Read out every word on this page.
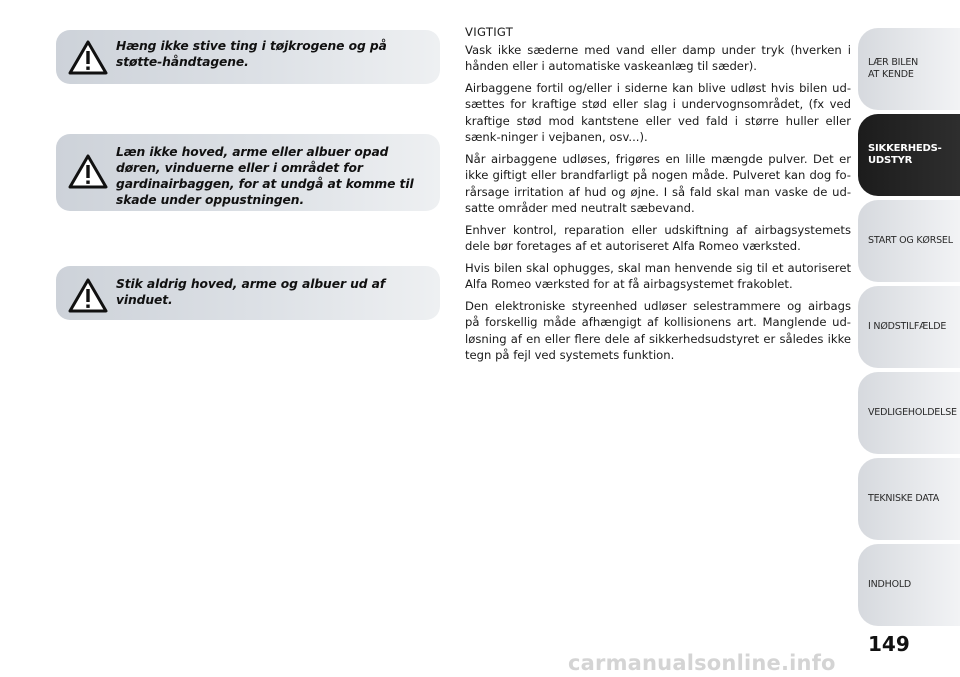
Hæng ikke stive ting i tøjkrogene og på støtte-håndtagene.
Læn ikke hoved, arme eller albuer opad døren, vinduerne eller i området for gardinairbaggen, for at undgå at komme til skade under oppustningen.
Stik aldrig hoved, arme og albuer ud af vinduet.
VIGTIGT

Vask ikke sæderne med vand eller damp under tryk (hverken i hånden eller i automatiske vaskeanlæg til sæder).

Airbaggene fortil og/eller i siderne kan blive udløst hvis bilen ud-sættes for kraftige stød eller slag i undervognsområdet, (fx ved kraftige stød mod kantstene eller ved fald i større huller eller sænk-ninger i vejbanen, osv...).

Når airbaggene udløses, frigøres en lille mængde pulver. Det er ikke giftigt eller brandfarligt på nogen måde. Pulveret kan dog fo-rårsage irritation af hud og øjne. I så fald skal man vaske de ud-satte områder med neutralt sæbevand.

Enhver kontrol, reparation eller udskiftning af airbagsystemets dele bør foretages af et autoriseret Alfa Romeo værksted.

Hvis bilen skal ophugges, skal man henvende sig til et autoriseret Alfa Romeo værksted for at få airbagsystemet frakoblet.

Den elektroniske styreenhed udløser selestrammere og airbags på forskellig måde afhængigt af kollisionens art. Manglende ud-løsning af en eller flere dele af sikkerhedsudstyret er således ikke tegn på fejl ved systemets funktion.

LÆR BILEN
AT KENDE
SIKKERHEDS-
UDSTYR
START OG KØRSEL
I NØDSTILFÆLDE
VEDLIGEHOLDELSE
TEKNISKE DATA
INDHOLD
149
carmanualsonline.info
